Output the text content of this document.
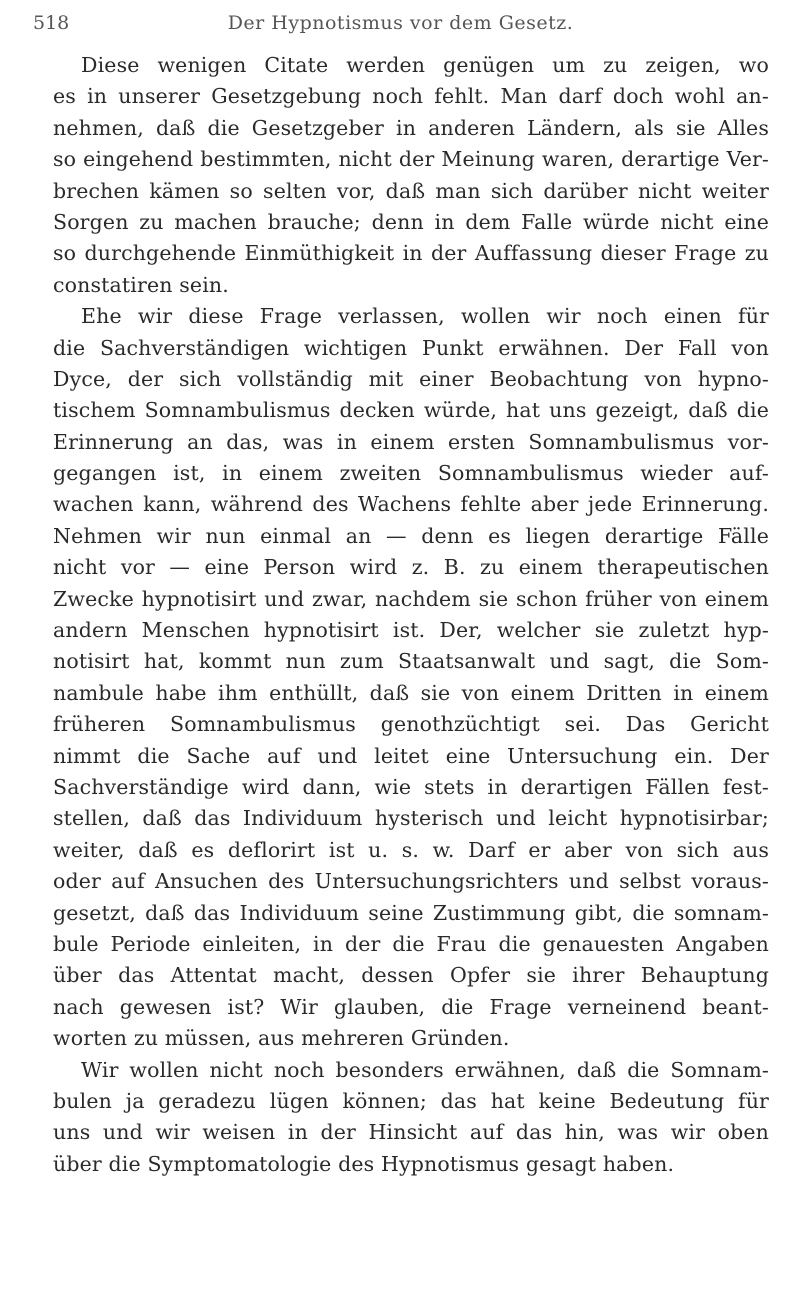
518	Der Hypnotismus vor dem Gesetz.
Diese wenigen Citate werden genügen um zu zeigen, wo
es in unserer Gesetzgebung noch fehlt. Man darf doch wohl an-
nehmen, daß die Gesetzgeber in anderen Ländern, als sie Alles
so eingehend bestimmten, nicht der Meinung waren, derartige Ver-
brechen kämen so selten vor, daß man sich darüber nicht weiter
Sorgen zu machen brauche; denn in dem Falle würde nicht eine
so durchgehende Einmüthigkeit in der Auffassung dieser Frage zu
constatiren sein.
Ehe wir diese Frage verlassen, wollen wir noch einen für
die Sachverständigen wichtigen Punkt erwähnen. Der Fall von
Dyce, der sich vollständig mit einer Beobachtung von hypno-
tischem Somnambulismus decken würde, hat uns gezeigt, daß die
Erinnerung an das, was in einem ersten Somnambulismus vor-
gegangen ist, in einem zweiten Somnambulismus wieder auf-
wachen kann, während des Wachens fehlte aber jede Erinnerung.
Nehmen wir nun einmal an — denn es liegen derartige Fälle
nicht vor — eine Person wird z. B. zu einem therapeutischen
Zwecke hypnotisirt und zwar, nachdem sie schon früher von einem
andern Menschen hypnotisirt ist. Der, welcher sie zuletzt hyp-
notisirt hat, kommt nun zum Staatsanwalt und sagt, die Som-
nambule habe ihm enthüllt, daß sie von einem Dritten in einem
früheren Somnambulismus genothzüchtigt sei. Das Gericht
nimmt die Sache auf und leitet eine Untersuchung ein. Der
Sachverständige wird dann, wie stets in derartigen Fällen fest-
stellen, daß das Individuum hysterisch und leicht hypnotisirbar;
weiter, daß es deflorirt ist u. s. w. Darf er aber von sich aus
oder auf Ansuchen des Untersuchungsrichters und selbst voraus-
gesetzt, daß das Individuum seine Zustimmung gibt, die somnam-
bule Periode einleiten, in der die Frau die genauesten Angaben
über das Attentat macht, dessen Opfer sie ihrer Behauptung
nach gewesen ist? Wir glauben, die Frage verneinend beant-
worten zu müssen, aus mehreren Gründen.
Wir wollen nicht noch besonders erwähnen, daß die Somnam-
bulen ja geradezu lügen können; das hat keine Bedeutung für
uns und wir weisen in der Hinsicht auf das hin, was wir oben
über die Symptomatologie des Hypnotismus gesagt haben.
